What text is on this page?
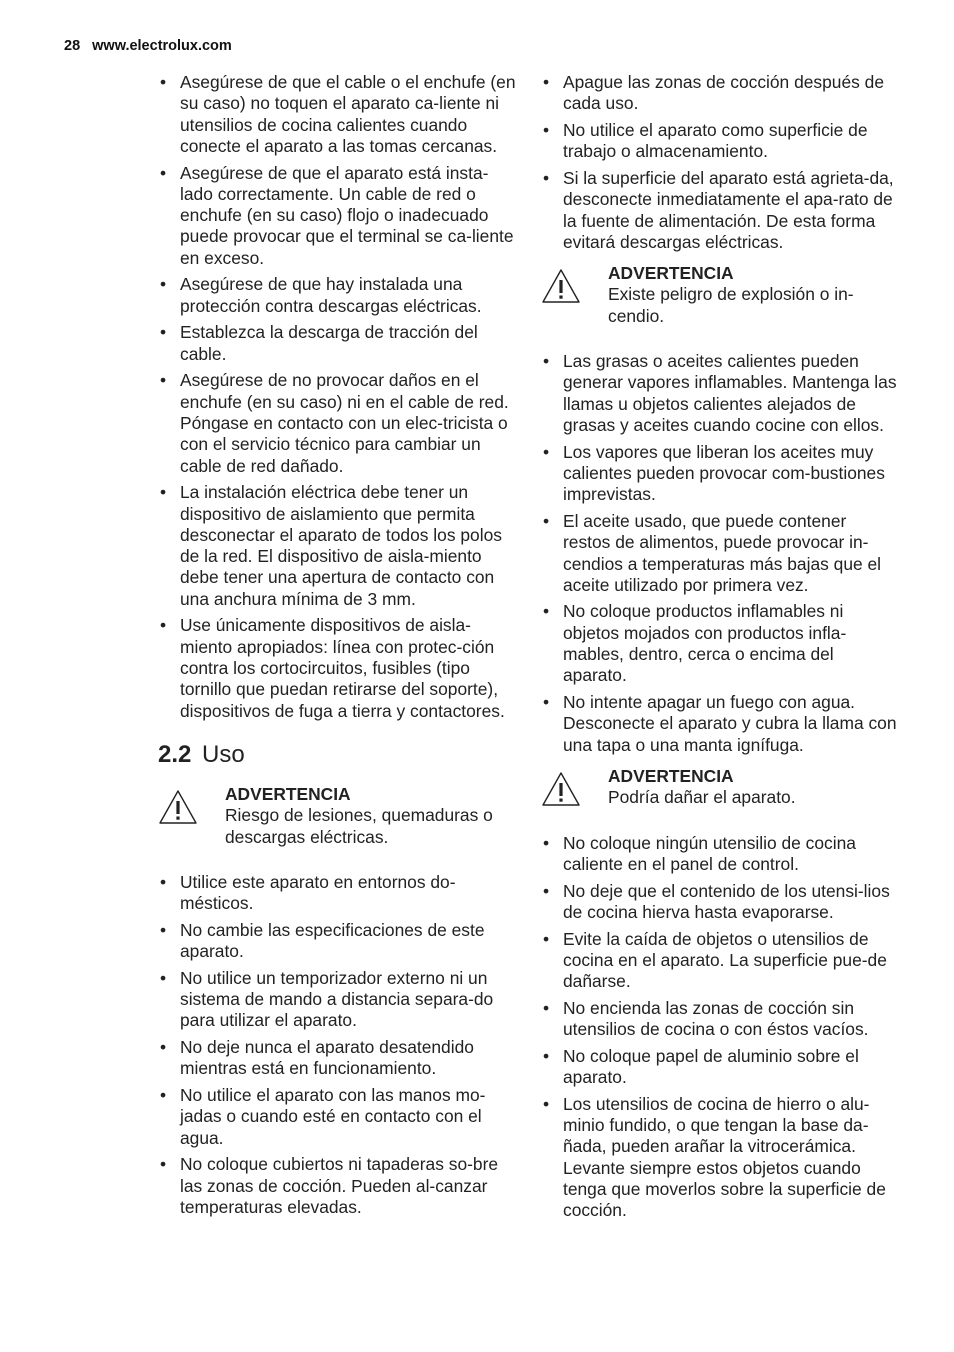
28 www.electrolux.com
• Asegúrese de que el cable o el enchufe (en su caso) no toquen el aparato ca-liente ni utensilios de cocina calientes cuando conecte el aparato a las tomas cercanas.
• Asegúrese de que el aparato está insta-lado correctamente. Un cable de red o enchufe (en su caso) flojo o inadecuado puede provocar que el terminal se ca-liente en exceso.
• Asegúrese de que hay instalada una protección contra descargas eléctricas.
• Establezca la descarga de tracción del cable.
• Asegúrese de no provocar daños en el enchufe (en su caso) ni en el cable de red. Póngase en contacto con un elec-tricista o con el servicio técnico para cambiar un cable de red dañado.
• La instalación eléctrica debe tener un dispositivo de aislamiento que permita desconectar el aparato de todos los polos de la red. El dispositivo de aisla-miento debe tener una apertura de contacto con una anchura mínima de 3 mm.
• Use únicamente dispositivos de aisla-miento apropiados: línea con protec-ción contra los cortocircuitos, fusibles (tipo tornillo que puedan retirarse del soporte), dispositivos de fuga a tierra y contactores.
2.2 Uso
ADVERTENCIA
Riesgo de lesiones, quemaduras o descargas eléctricas.
• Utilice este aparato en entornos do-mésticos.
• No cambie las especificaciones de este aparato.
• No utilice un temporizador externo ni un sistema de mando a distancia separa-do para utilizar el aparato.
• No deje nunca el aparato desatendido mientras está en funcionamiento.
• No utilice el aparato con las manos mo-jadas o cuando esté en contacto con el agua.
• No coloque cubiertos ni tapaderas so-bre las zonas de cocción. Pueden al-canzar temperaturas elevadas.
• Apague las zonas de cocción después de cada uso.
• No utilice el aparato como superficie de trabajo o almacenamiento.
• Si la superficie del aparato está agrieta-da, desconecte inmediatamente el apa-rato de la fuente de alimentación. De esta forma evitará descargas eléctricas.
ADVERTENCIA
Existe peligro de explosión o in-cendio.
• Las grasas o aceites calientes pueden generar vapores inflamables. Mantenga las llamas u objetos calientes alejados de grasas y aceites cuando cocine con ellos.
• Los vapores que liberan los aceites muy calientes pueden provocar com-bustiones imprevistas.
• El aceite usado, que puede contener restos de alimentos, puede provocar in-cendios a temperaturas más bajas que el aceite utilizado por primera vez.
• No coloque productos inflamables ni objetos mojados con productos infla-mables, dentro, cerca o encima del aparato.
• No intente apagar un fuego con agua. Desconecte el aparato y cubra la llama con una tapa o una manta ignífuga.
ADVERTENCIA
Podría dañar el aparato.
• No coloque ningún utensilio de cocina caliente en el panel de control.
• No deje que el contenido de los utensi-lios de cocina hierva hasta evaporarse.
• Evite la caída de objetos o utensilios de cocina en el aparato. La superficie pue-de dañarse.
• No encienda las zonas de cocción sin utensilios de cocina o con éstos vacíos.
• No coloque papel de aluminio sobre el aparato.
• Los utensilios de cocina de hierro o alu-minio fundido, o que tengan la base da-ñada, pueden arañar la vitrocerámica. Levante siempre estos objetos cuando tenga que moverlos sobre la superficie de cocción.
